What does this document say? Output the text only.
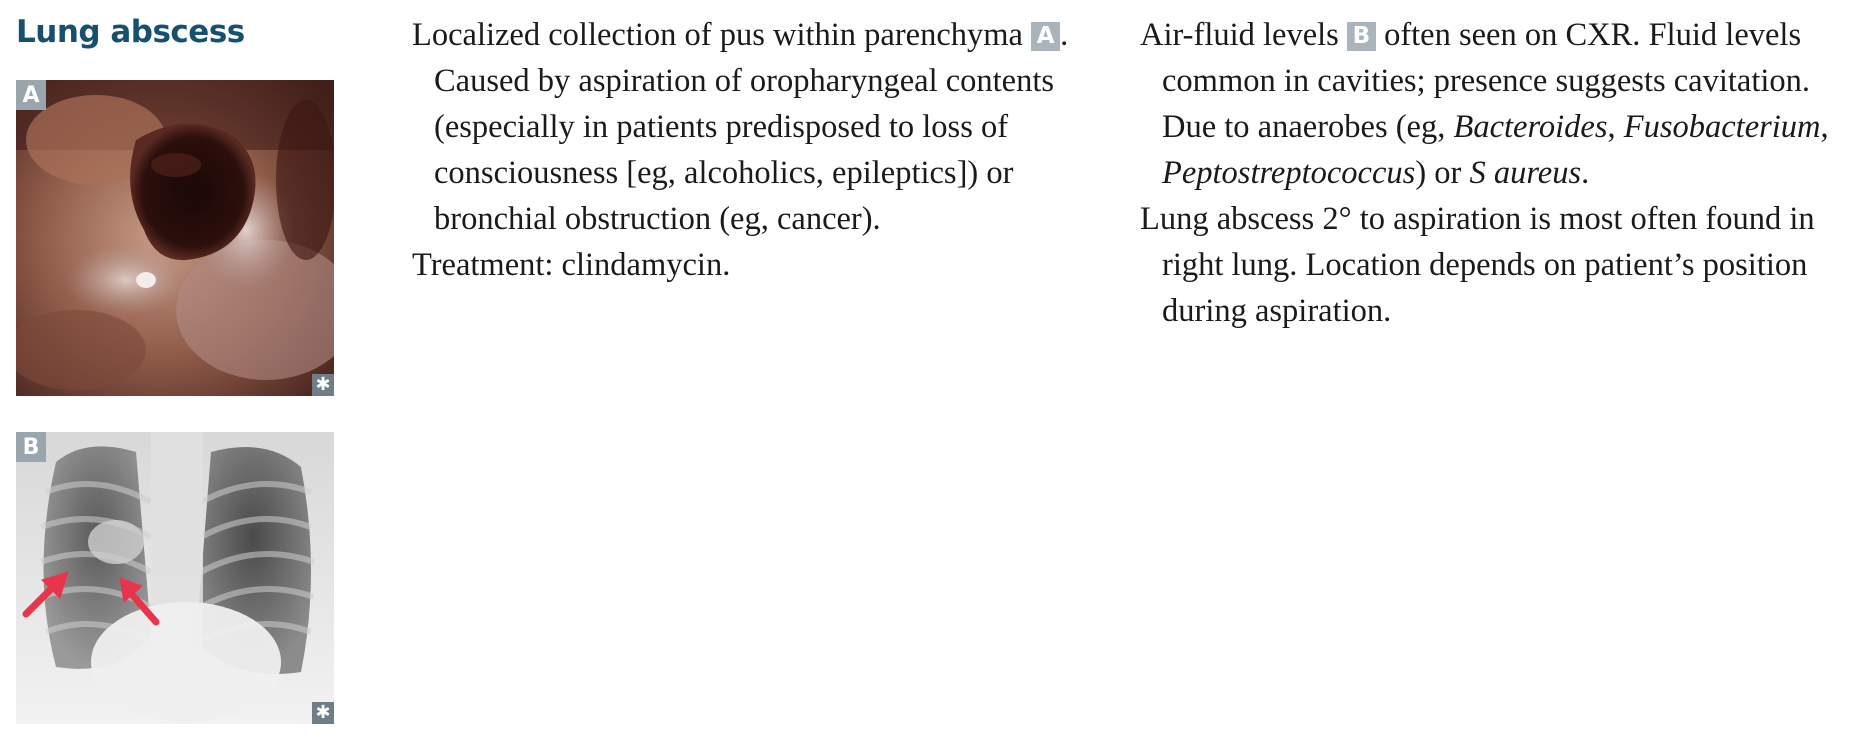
Lung abscess
A
✱
B
✱

Localized collection of pus within parenchyma A . Caused by aspiration of oropharyngeal contents (especially in patients predisposed to loss of consciousness [eg, alcoholics, epileptics]) or bronchial obstruction (eg, cancer).

Treatment: clindamycin.

Air-fluid levels B often seen on CXR. Fluid levels common in cavities; presence suggests cavitation. Due to anaerobes (eg, Bacteroides, Fusobacterium, Peptostreptococcus) or S aureus.

Lung abscess 2° to aspiration is most often found in right lung. Location depends on patient’s position during aspiration.
